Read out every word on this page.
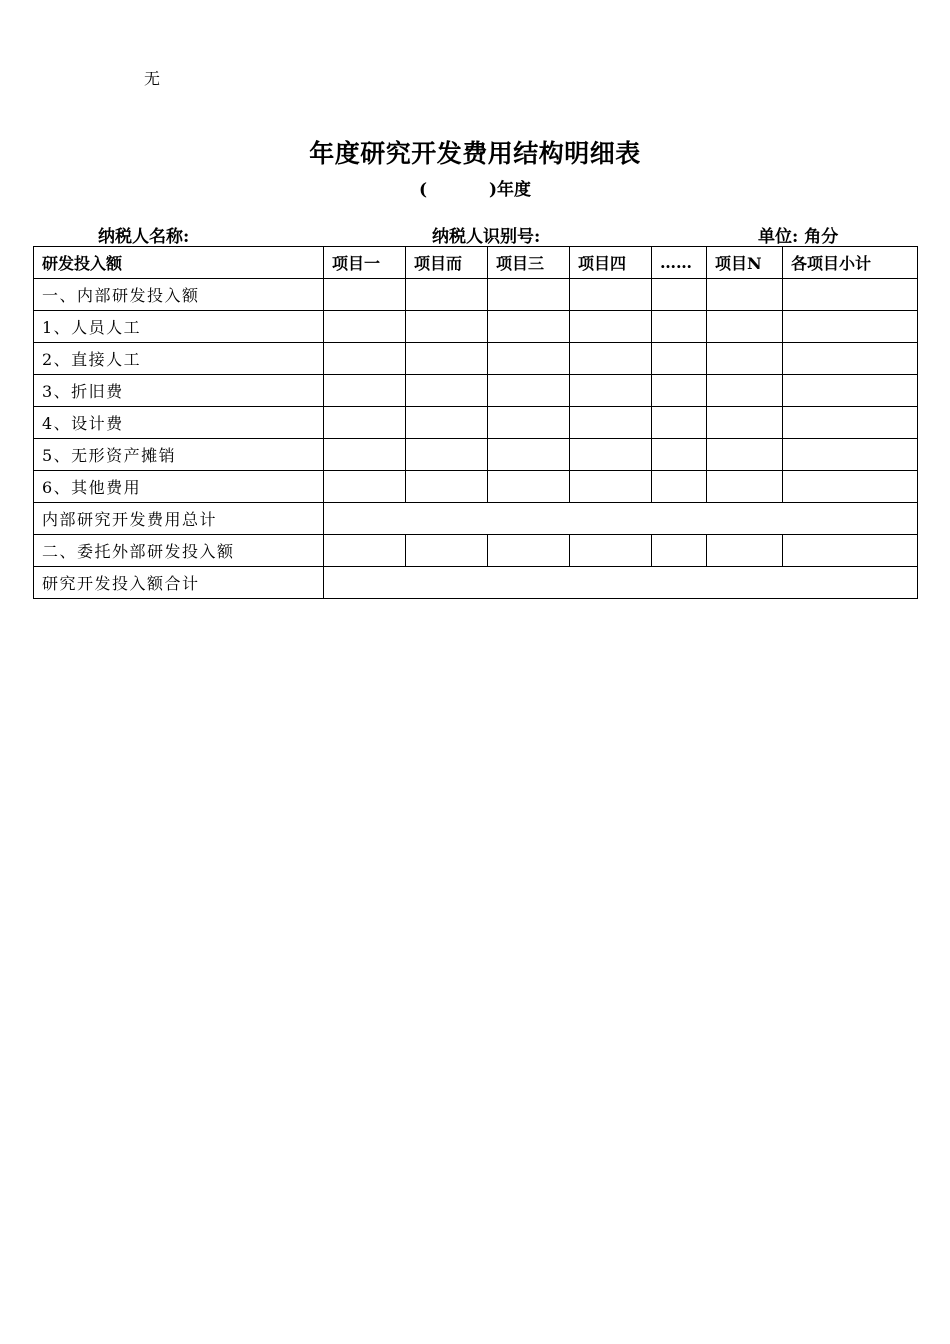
无
年度研究开发费用结构明细表
(	)年度
纳税人名称:	纳税人识别号:	单位: 角分
研发投入额	项目一	项目而	项目三	项目四	……	项目N	各项目小计
一、内部研发投入额							
1、人员人工							
2、直接人工							
3、折旧费							
4、设计费							
5、无形资产摊销							
6、其他费用							
内部研究开发费用总计							
二、委托外部研发投入额							
研究开发投入额合计							
